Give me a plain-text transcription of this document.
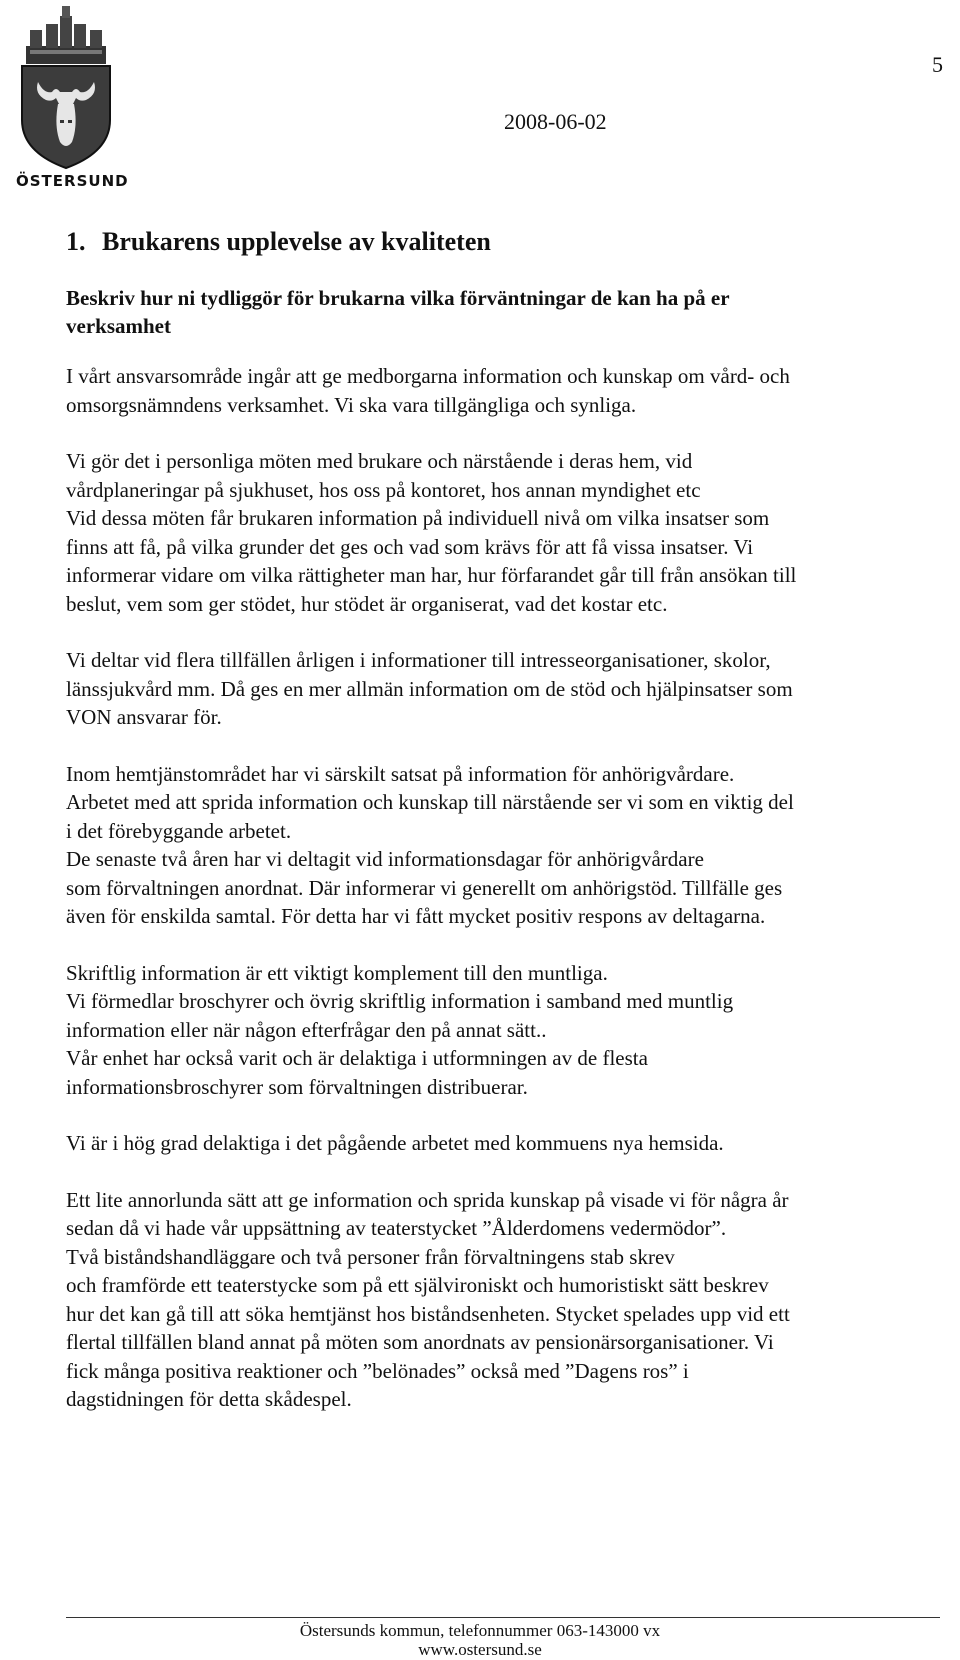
ÖSTERSUND
5
2008-06-02
1. Brukarens upplevelse av kvaliteten
Beskriv hur ni tydliggör för brukarna vilka förväntningar de kan ha på er
verksamhet
I vårt ansvarsområde ingår att ge medborgarna information och kunskap om vård- och
omsorgsnämndens verksamhet. Vi ska vara tillgängliga och synliga.
Vi gör det i personliga möten med brukare och närstående i deras hem, vid
vårdplaneringar på sjukhuset, hos oss på kontoret, hos annan myndighet etc
Vid dessa möten får brukaren information på individuell nivå om vilka insatser som
finns att få, på vilka grunder det ges och vad som krävs för att få vissa insatser. Vi
informerar vidare om vilka rättigheter man har, hur förfarandet går till från ansökan till
beslut, vem som ger stödet, hur stödet är organiserat, vad det kostar etc.
Vi deltar vid flera tillfällen årligen i informationer till intresseorganisationer, skolor,
länssjukvård mm. Då ges en mer allmän information om de stöd och hjälpinsatser som
VON ansvarar för.
Inom hemtjänstområdet har vi särskilt satsat på information för anhörigvårdare.
Arbetet med att sprida information och kunskap till närstående ser vi som en viktig del
i det förebyggande arbetet.
De senaste två åren har vi deltagit vid informationsdagar för anhörigvårdare
som förvaltningen anordnat. Där informerar vi generellt om anhörigstöd. Tillfälle ges
även för enskilda samtal. För detta har vi fått mycket positiv respons av deltagarna.
Skriftlig information är ett viktigt komplement till den muntliga.
Vi förmedlar broschyrer och övrig skriftlig information i samband med muntlig
information eller när någon efterfrågar den på annat sätt..
Vår enhet har också varit och är delaktiga i utformningen av de flesta
informationsbroschyrer som förvaltningen distribuerar.
Vi är i hög grad delaktiga i det pågående arbetet med kommuens nya hemsida.
Ett lite annorlunda sätt att ge information och sprida kunskap på visade vi för några år
sedan då vi hade vår uppsättning av teaterstycket ”Ålderdomens vedermödor”.
Två biståndshandläggare och två personer från förvaltningens stab skrev
och framförde ett teaterstycke som på ett självironiskt och humoristiskt sätt beskrev
hur det kan gå till att söka hemtjänst hos biståndsenheten. Stycket spelades upp vid ett
flertal tillfällen bland annat på möten som anordnats av pensionärsorganisationer. Vi
fick många positiva reaktioner och ”belönades” också med ”Dagens ros” i
dagstidningen för detta skådespel.
Östersunds kommun, telefonnummer 063-143000 vx
www.ostersund.se
